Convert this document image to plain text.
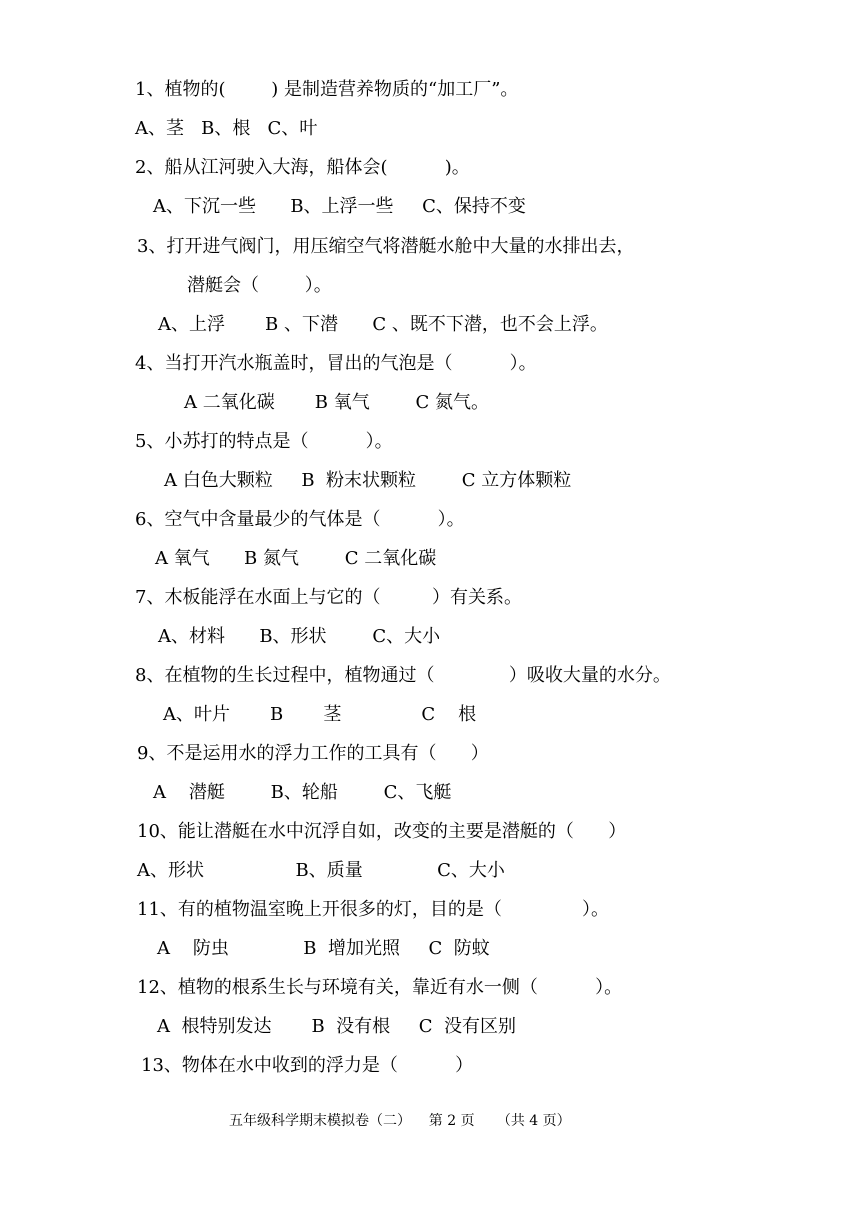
1、植物的(        ) 是制造营养物质的“加工厂”。
A、茎   B、根   C、叶
2、船从江河驶入大海，船体会(          )。
A、下沉一些      B、上浮一些     C、保持不变
3、打开进气阀门，用压缩空气将潜艇水舱中大量的水排出去，
潜艇会（        ）。
A、上浮       B 、下潜      C 、既不下潜，也不会上浮。
4、当打开汽水瓶盖时，冒出的气泡是（          ）。
A 二氧化碳       B 氧气        C 氮气。
5、小苏打的特点是（          ）。
A 白色大颗粒     B  粉末状颗粒        C 立方体颗粒
6、空气中含量最少的气体是（          ）。
A 氧气      B 氮气        C 二氧化碳
7、木板能浮在水面上与它的（         ）有关系。
A、材料      B、形状        C、大小
8、在植物的生长过程中，植物通过（             ）吸收大量的水分。
A、叶片       B       茎              C    根
9、不是运用水的浮力工作的工具有（      ）
A    潜艇        B、轮船        C、飞艇
10、能让潜艇在水中沉浮自如，改变的主要是潜艇的（      ）
A、形状                B、质量             C、大小
11、有的植物温室晚上开很多的灯，目的是（              ）。
A    防虫             B  增加光照     C  防蚊
12、植物的根系生长与环境有关，靠近有水一侧（          ）。
A  根特别发达       B  没有根     C  没有区别
13、物体在水中收到的浮力是（          ）
五年级科学期末模拟卷（二）    第 2 页     （共 4 页）
